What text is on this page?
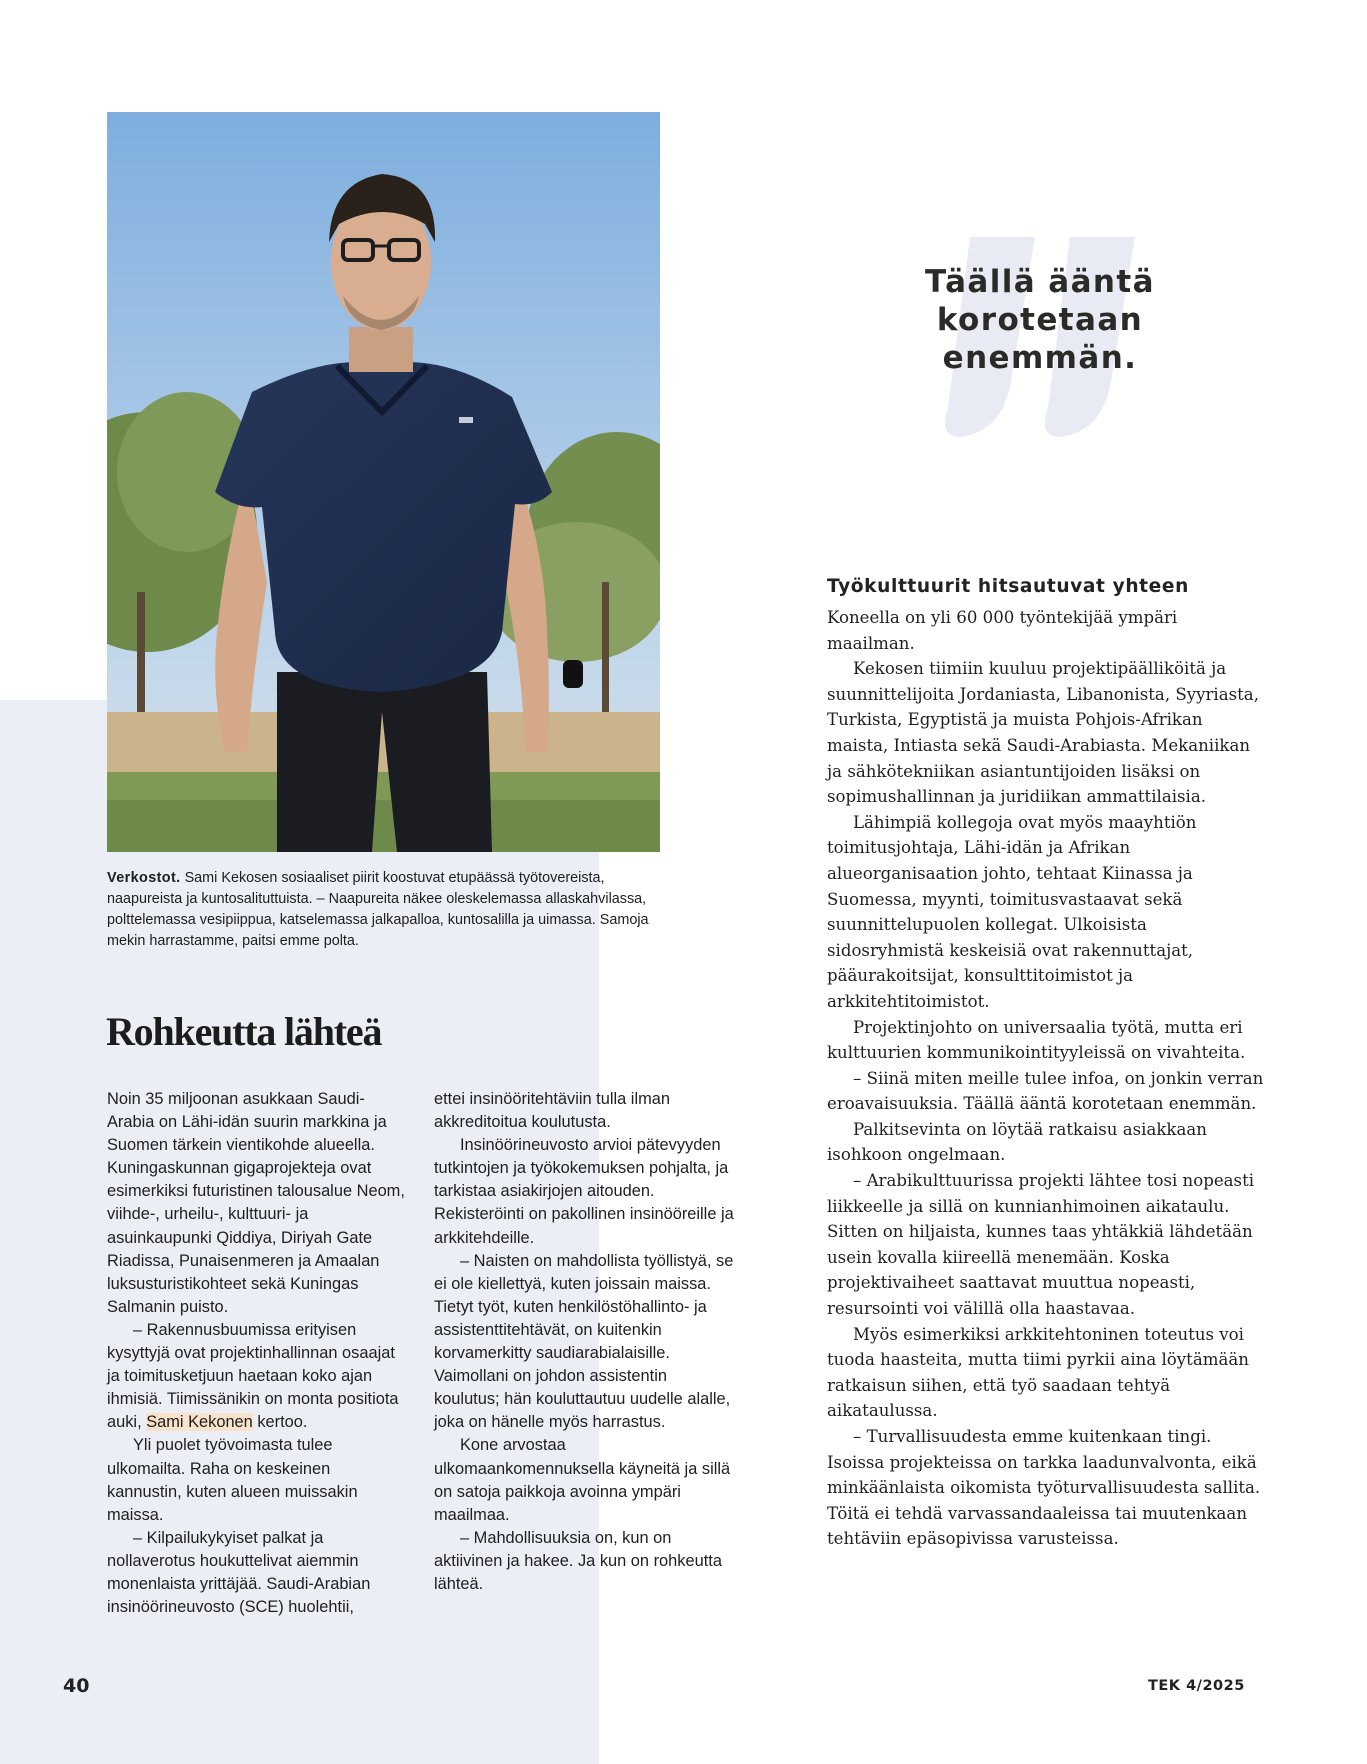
Verkostot. Sami Kekosen sosiaaliset piirit koostuvat etupäässä työtovereista, naapureista ja kuntosalituttuista. – Naapureita näkee oleskelemassa allaskahvilassa, polttelemassa vesipiippua, katselemassa jalkapalloa, kuntosalilla ja uimassa. Samoja mekin harrastamme, paitsi emme polta.
Rohkeutta lähteä

Noin 35 miljoonan asukkaan Saudi-Arabia on Lähi-idän suurin markkina ja Suomen tärkein vientikohde alueella. Kuningaskunnan gigaprojekteja ovat esimerkiksi futuristinen talousalue Neom, viihde-, urheilu-, kulttuuri- ja asuinkaupunki Qiddiya, Diriyah Gate Riadissa, Punaisenmeren ja Amaalan luksusturistikohteet sekä Kuningas Salmanin puisto.

– Rakennusbuumissa erityisen kysyttyjä ovat projektinhallinnan osaajat ja toimitusketjuun haetaan koko ajan ihmisiä. Tiimissänikin on monta positiota auki, Sami Kekonen kertoo.

Yli puolet työvoimasta tulee ulkomailta. Raha on keskeinen kannustin, kuten alueen muissakin maissa.

– Kilpailukykyiset palkat ja nollaverotus houkuttelivat aiemmin monenlaista yrittäjää. Saudi-Arabian insinöörineuvosto (SCE) huolehtii,

ettei insinööritehtäviin tulla ilman akkreditoitua koulutusta.

Insinöörineuvosto arvioi pätevyyden tutkintojen ja työkokemuksen pohjalta, ja tarkistaa asiakirjojen aitouden. Rekisteröinti on pakollinen insinööreille ja arkkitehdeille.

– Naisten on mahdollista työllistyä, se ei ole kiellettyä, kuten joissain maissa. Tietyt työt, kuten henkilöstöhallinto- ja assistenttitehtävät, on kuitenkin korvamerkitty saudiarabialaisille. Vaimollani on johdon assistentin koulutus; hän kouluttautuu uudelle alalle, joka on hänelle myös harrastus.

Kone arvostaa ulkomaankomennuksella käyneitä ja sillä on satoja paikkoja avoinna ympäri maailmaa.

– Mahdollisuuksia on, kun on aktiivinen ja hakee. Ja kun on rohkeutta lähteä.

Täällä ääntä korotetaan enemmän.
Työkulttuurit hitsautuvat yhteen

Koneella on yli 60 000 työntekijää ympäri maailman.

Kekosen tiimiin kuuluu projektipäälliköitä ja suunnittelijoita Jordaniasta, Libanonista, Syyriasta, Turkista, Egyptistä ja muista Pohjois-Afrikan maista, Intiasta sekä Saudi-Arabiasta. Mekaniikan ja sähkötekniikan asiantuntijoiden lisäksi on sopimushallinnan ja juridiikan ammattilaisia.

Lähimpiä kollegoja ovat myös maayhtiön toimitusjohtaja, Lähi-idän ja Afrikan alueorganisaation johto, tehtaat Kiinassa ja Suomessa, myynti, toimitusvastaavat sekä suunnittelupuolen kollegat. Ulkoisista sidosryhmistä keskeisiä ovat rakennuttajat, pääurakoitsijat, konsulttitoimistot ja arkkitehtitoimistot.

Projektinjohto on universaalia työtä, mutta eri kulttuurien kommunikointityyleissä on vivahteita.

– Siinä miten meille tulee infoa, on jonkin verran eroavaisuuksia. Täällä ääntä korotetaan enemmän.

Palkitsevinta on löytää ratkaisu asiakkaan isohkoon ongelmaan.

– Arabikulttuurissa projekti lähtee tosi nopeasti liikkeelle ja sillä on kunnianhimoinen aikataulu. Sitten on hiljaista, kunnes taas yhtäkkiä lähdetään usein kovalla kiireellä menemään. Koska projektivaiheet saattavat muuttua nopeasti, resursointi voi välillä olla haastavaa.

Myös esimerkiksi arkkitehtoninen toteutus voi tuoda haasteita, mutta tiimi pyrkii aina löytämään ratkaisun siihen, että työ saadaan tehtyä aikataulussa.

– Turvallisuudesta emme kuitenkaan tingi. Isoissa projekteissa on tarkka laadunvalvonta, eikä minkäänlaista oikomista työturvallisuudesta sallita. Töitä ei tehdä varvassandaaleissa tai muutenkaan tehtäviin epäsopivissa varusteissa.

40	TEK 4/2025
